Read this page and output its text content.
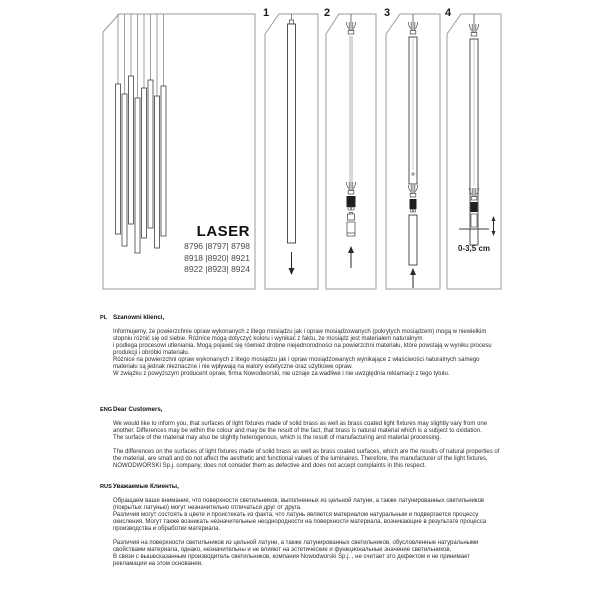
LASER
8796 |8797| 8798
8918 |8920| 8921
8922 |8923| 8924
1	2	3	4
0-3,5 cm
PL Szanowni klienci,
Informujemy, że powierzchnie opraw wykonanych z litego mosiądzu jak i opraw mosiądzowanych (pokrytych mosiądzem) mogą w niewielkim
stopniu różnić się od siebie. Różnice mogą dotyczyć koloru i wynikać z faktu, że mosiądz jest materiałem naturalnym
i podlega procesowi utleniania. Mogą pojawić się również drobne niejednorodności na powierzchni materiału, które powstają w wyniku procesu
produkcji i obróbki materiału.
Różnice na powierzchni opraw wykonanych z litego mosiądzu jak i opraw mosiądzowanych wynikające z właściwości naturalnych samego
materiału są jednak nieznaczne i nie wpływają na walory estetyczne oraz użytkowe opraw.
W związku z powyższym producent opraw, firma Nowodworski, nie uznaje za wadliwe i nie uwzględnia reklamacji z tego tytułu.
ENGDear Customers,
We would like to inform you, that surfaces of light fixtures made of solid brass as well as brass coated light fixtures may slightly vary from one
another. Differences may be within the colour and may be the result of the fact, that brass is natural material which is a subject to oxidation.
The surface of the material may also be slightly heterogenous, which is the result of manufacturing and material processing.
The differences on the surfaces of light fixtures made of solid brass as well as brass coated surfaces, which are the results of natural properties of
the material, are small and do not affect the aesthetic and functional values of the luminaires. Therefore, the manufacturer of the light fixtures,
NOWODWORSKI Sp.j. company, does not consider them as defective and does not accept complaints in this respect.
RUSУважаемые Клиенты,
Обращаем ваше внимание, что поверхности светильников, выполненных из цельной латуни, а также латунированных светильников
(покрытых латунью) могут незначительно отличаться друг от друга.
Различия могут состоять в цвете и проистекать из факта, что латунь является материалом натуральным и подвергается процессу
окисления. Могут также возникать незначительные неоднородности на поверхности материала, возникающие в результате процесса
производства и обработки материала.
Различия на поверхности светильников из цельной латуни, а также латунированных светильников, обусловленные натуральными
свойствами материала, однако, незначительны и не влияют на эстетические и функциональные значение светильников.
В связи с вышесказанным производитель светильников, компания Nowodworski Sp.j. , не считает это дефектом и не принимает
рекламации на этом основании.
